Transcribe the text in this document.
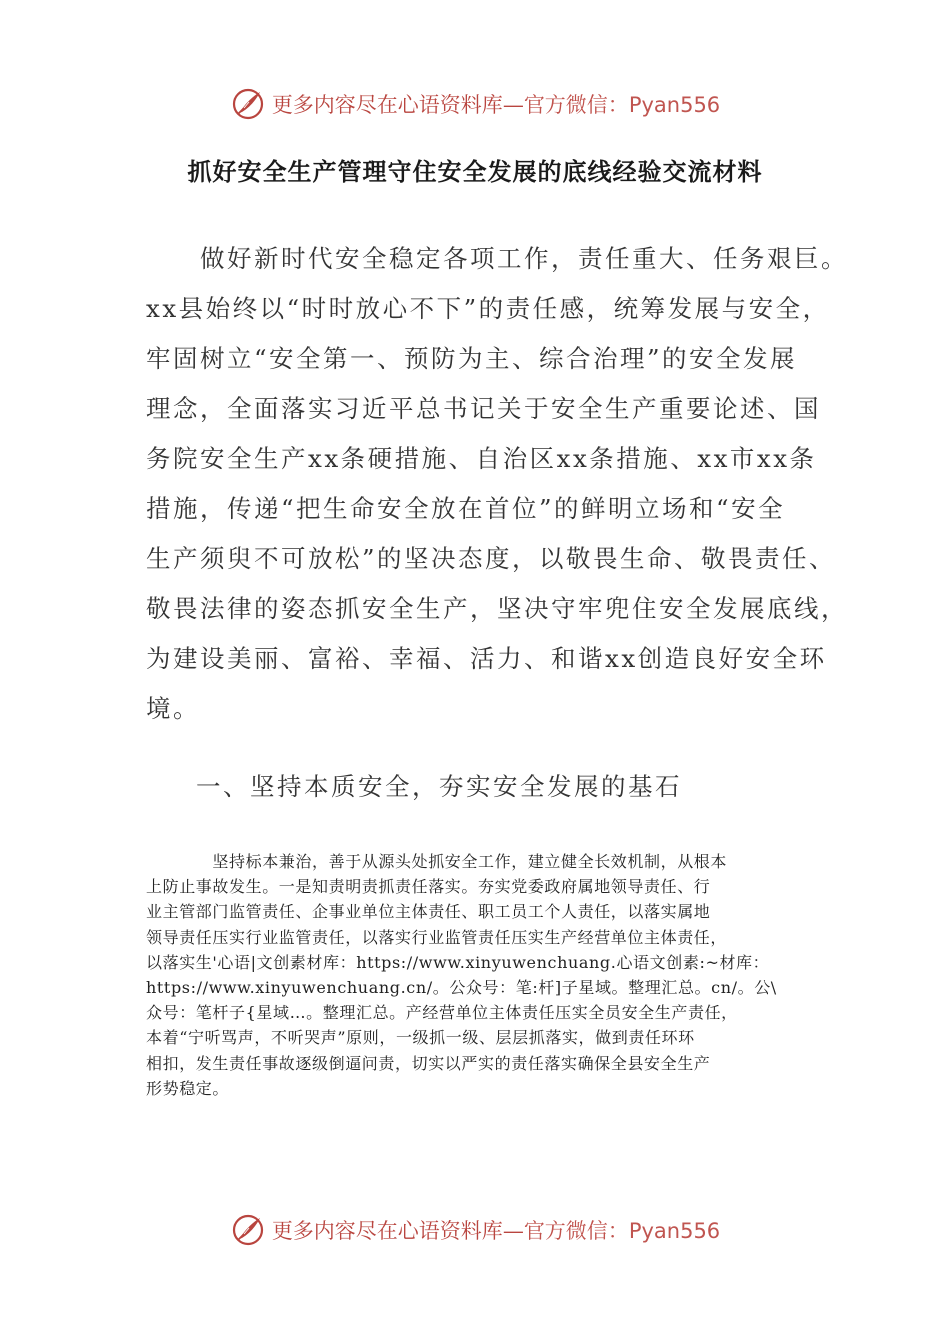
更多内容尽在心语资料库—官方微信：Pyan556
抓好安全生产管理守住安全发展的底线经验交流材料
　　做好新时代安全稳定各项工作，责任重大、任务艰巨。
xx县始终以“时时放心不下”的责任感，统筹发展与安全，
牢固树立“安全第一、预防为主、综合治理”的安全发展
理念，全面落实习近平总书记关于安全生产重要论述、国
务院安全生产xx条硬措施、自治区xx条措施、xx市xx条
措施，传递“把生命安全放在首位”的鲜明立场和“安全
生产须臾不可放松”的坚决态度，以敬畏生命、敬畏责任、
敬畏法律的姿态抓安全生产，坚决守牢兜住安全发展底线，
为建设美丽、富裕、幸福、活力、和谐xx创造良好安全环
境。
一、坚持本质安全，夯实安全发展的基石
　　　　坚持标本兼治，善于从源头处抓安全工作，建立健全长效机制，从根本
上防止事故发生。一是知责明责抓责任落实。夯实党委政府属地领导责任、行
业主管部门监管责任、企事业单位主体责任、职工员工个人责任，以落实属地
领导责任压实行业监管责任，以落实行业监管责任压实生产经营单位主体责任，
以落实生'心语|文创素材库：https://www.xinyuwenchuang.心语文创素:~材库：
https://www.xinyuwenchuang.cn/。公众号：笔:杆]子星域。整理汇总。cn/。公\
众号：笔杆子{星域…。整理汇总。产经营单位主体责任压实全员安全生产责任，
本着“宁听骂声，不听哭声”原则，一级抓一级、层层抓落实，做到责任环环
相扣，发生责任事故逐级倒逼问责，切实以严实的责任落实确保全县安全生产
形势稳定。
更多内容尽在心语资料库—官方微信：Pyan556
